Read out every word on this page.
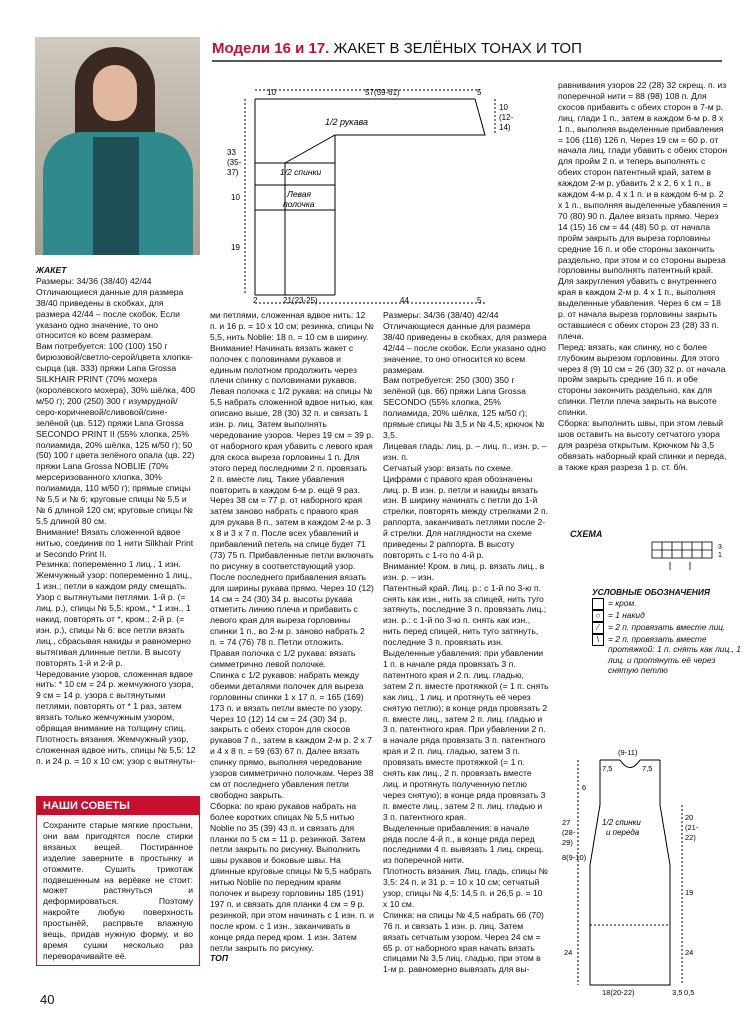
Модели 16 и 17. ЖАКЕТ В ЗЕЛЁНЫХ ТОНАХ И ТОП
10	57(59-61)	5
10
(12-
14)
1/2 рукава
1/2 спинки
33
(35-
37)
Левая
полочка
19
10
2	21(23-25)	44	5

ЖАКЕТ

Размеры: 34/36 (38/40) 42/44

Отличающиеся данные для размера 38/40 приведены в скобках, для размера 42/44 – после скобок. Если указано одно значение, то оно относится ко всем размерам.

Вам потребуется: 100 (100) 150 г бирюзовой/светло-серой/цвета хлопка-сырца (цв. 333) пряжи Lana Grossa SILKHAIR PRINT (70% мохера (королевского мохера), 30% шёлка, 400 м/50 г); 200 (250) 300 г изумрудной/серо-коричневой/сливовой/сине-зелёной (цв. 512) пряжи Lana Grossa SECONDO PRINT II (55% хлопка, 25% полиамида, 20% шёлка, 125 м/50 г); 50 (50) 100 г цвета зелёного опала (цв. 22) пряжи Lana Grossa NOBLIE (70% мерсеризованного хлопка, 30% полиамида, 110 м/50 г); прямые спицы № 5,5 и № 6; круговые спицы № 5,5 и № 6 длиной 120 см; круговые спицы № 5,5 длиной 80 см.

Внимание! Вязать сложенной вдвое нитью, соединив по 1 нити Silkhair Print и Secondo Print II.

Резинка: попеременно 1 лиц., 1 изн.

Жемчужный узор: попеременно 1 лиц., 1 изн.; петли в каждом ряду смещать.

Узор с вытянутыми петлями. 1-й р. (= лиц. р.), спицы № 5,5: кром., * 1 изн., 1 накид, повторять от *, кром.; 2-й р. (= изн. р.), спицы № 6: все петли вязать лиц., сбрасывая накиды и равномерно вытягивая длинные петли. В высоту повторять 1-й и 2-й р.

Чередование узоров, сложенная вдвое нить: * 10 см = 24 р. жемчужного узора, 9 см = 14 р. узора с вытянутыми петлями, повторять от * 1 раз, затем вязать только жемчужным узором, обращая внимание на толщину спиц.

Плотность вязания. Жемчужный узор, сложенная вдвое нить, спицы № 5,5: 12 п. и 24 р. = 10 х 10 см; узор с вытянуты-

НАШИ СОВЕТЫ
Сохраните старые мягкие простыни, они вам пригодятся после стирки вязаных вещей. Постиранное изделие заверните в простынку и отожмите. Сушить трикотаж подвешенным на верёвке не стоит: может растянуться и деформироваться. Поэтому накройте любую поверхность простынёй, распрвьте влажную вещь, придав нужную форму, и во время сушки несколько раз переворачивайте её.

ми петлями, сложенная вдвое нить: 12 п. и 16 р. = 10 х 10 см; резинка, спицы № 5,5, нить Noblie: 18 п. = 10 см в ширину.

Внимание! Начинать вязать жакет с полочек с половинами рукавов и единым полотном продолжить через плечи спинку с половинами рукавов.

Левая полочка с 1/2 рукава: на спицы № 5,5 набрать сложенной вдвое нитью, как описано выше, 28 (30) 32 п. и связать 1 изн. р. лиц. Затем выполнять чередование узоров. Через 19 см = 39 р. от наборного края убавить с левого края для скоса выреза горловины 1 п. Для этого перед последними 2 п. провязать 2 п. вместе лиц. Такие убавления повторить в каждом 6-м р. ещё 9 раз. Через 38 см = 77 р. от наборного края затем заново набрать с правого края для рукава 8 п., затем в каждом 2-м р. 3 х 8 и 3 х 7 п. После всех убавлений и прибавлений петель на спице будет 71 (73) 75 п. Прибавленные петли включать по рисунку в соответствующий узор. После последнего прибавления вязать для ширины рукава прямо. Через 10 (12) 14 см = 24 (30) 34 р. высоты рукава отметить линию плеча и прибавить с левого края для выреза горловины спинки 1 п., во 2-м р. заново набрать 2 п. = 74 (76) 78 п. Петли отложить.

Правая полочка с 1/2 рукава: вязать симметрично левой полочке.

Спинка с 1/2 рукавов: набрать между обеими деталями полочек для выреза горловины спинки 1 х 17 п. = 165 (169) 173 п. и вязать петли вместе по узору. Через 10 (12) 14 см = 24 (30) 34 р. закрыть с обеих сторон для скосов рукавов 7 п., затем в каждом 2-м р. 2 х 7 и 4 х 8 п. = 59 (63) 67 п. Далее вязать спинку прямо, выполняя чередование узоров симметрично полочкам. Через 38 см от последнего убавления петли свободно закрыть.

Сборка: по краю рукавов набрать на более коротких спицах № 5,5 нитью Noblie по 35 (39) 43 п. и связать для планки по 5 см = 11 р. резинкой. Затем петли закрыть по рисунку. Выполнить швы рукавов и боковые швы. На длинные круговые спицы № 5,5 набрать нитью Noblie по передним краям полочек и вырезу горловины 185 (191) 197 п. и связать для планки 4 см = 9 р. резинкой, при этом начинать с 1 изн. п. и после кром. с 1 изн., заканчивать в конце ряда перед кром. 1 изн. Затем петли закрыть по рисунку.

ТОП

Размеры: 34/36 (38/40) 42/44

Отличающиеся данные для размера 38/40 приведены в скобках, для размера 42/44 – после скобок. Если указано одно значение, то оно относится ко всем размерам.

Вам потребуется: 250 (300) 350 г зелёной (цв. 66) пряжи Lana Grossa SECONDO (55% хлопка, 25% полиамида, 20% шёлка, 125 м/50 г); прямые спицы № 3,5 и № 4,5; крючок № 3,5.

Лицевая гладь: лиц. р. – лиц. п., изн. р. – изн. п.

Сетчатый узор: вязать по схеме. Цифрами с правого края обозначены лиц. р. В изн. р. петли и накиды вязать изн. В ширину начинать с петли до 1-й стрелки, повторять между стрелками 2 п. раппорта, заканчивать петлями после 2-й стрелки. Для наглядности на схеме приведены 2 раппорта. В высоту повторять с 1-го по 4-й р.

Внимание! Кром. в лиц. р. вязать лиц., в изн. р. – изн.

Патентный край. Лиц. р.: с 1-й по 3-ю п. снять как изн., нить за спицей, нить туго затянуть, последние 3 п. провязать лиц.; изн. р.: с 1-й по 3-ю п. снять как изн., нить перед спицей, нить туго затянуть, последние 3 п. провязать изн.

Выделенные убавления: при убавлении 1 п. в начале ряда провязать 3 п. патентного края и 2 п. лиц. гладью, затем 2 п. вместе протяжкой (= 1 п. снять как лиц., 1 лиц. и протянуть её через снятую петлю); в конце ряда провязать 2 п. вместе лиц., затем 2 п. лиц. гладью и 3 п. патентного края. При убавлении 2 п. в начале ряда провязать 3 п. патентного края и 2 п. лиц. гладью, затем 3 п. провязать вместе протяжкой (= 1 п. снять как лиц., 2 п. провязать вместе лиц. и протянуть полученную петлю через снятую); в конце ряда провязать 3 п. вместе лиц., затем 2 п. лиц. гладью и 3 п. патентного края.

Выделенные прибавления: в начале ряда после 4-й п., в конце ряда перед последними 4 п. вывязать 1 лиц. скрещ. из поперечной нити.

Плотность вязания. Лиц. гладь, спицы № 3,5: 24 п. и 31 р. = 10 х 10 см; сетчатый узор, спицы № 4,5: 14,5 п. и 26,5 р. = 10 х 10 см.

Спинка: на спицы № 4,5 набрать 66 (70) 76 п. и связать 1 изн. р. лиц. Затем вязать сетчатым узором. Через 24 см = 65 р. от наборного края начать вязать спицами № 3,5 лиц. гладью, при этом в 1-м р. равномерно вывязать для вы-

равнивания узоров 22 (28) 32 скрещ. п. из поперечной нити = 88 (98) 108 п. Для скосов прибавить с обеих сторон в 7-м р. лиц. глади 1 п., затем в каждом 6-м р. 8 х 1 п., выполняя выделенные прибавления = 106 (116) 126 п. Через 19 см = 60 р. от начала лиц. глади убавить с обеих сторон для пройм 2 п. и теперь выполнять с обеих сторон патентный край, затем в каждом 2-м р. убавить 2 х 2, 6 х 1 п., в каждом 4-м р. 4 х 1 п. и в каждом 6-м р. 2 х 1 п., выполняя выделенные убавления = 70 (80) 90 п. Далее вязать прямо. Через 14 (15) 16 см = 44 (48) 50 р. от начала пройм закрыть для выреза горловины средние 16 п. и обе стороны закончить раздельно, при этом и со стороны выреза горловины выполнять патентный край. Для закругления убавить с внутреннего края в каждом 2-м р. 4 х 1 п., выполняя выделенные убавления. Через 6 см = 18 р. от начала выреза горловины закрыть оставшиеся с обеих сторон 23 (28) 33 п. плеча.

Перед: вязать, как спинку, но с более глубоким вырезом горловины. Для этого через 8 (9) 10 см = 26 (30) 32 р. от начала пройм закрыть средние 16 п. и обе стороны закончить раздельно, как для спинки. Петли плеча закрыть на высоте спинки.

Сборка: выполнить швы, при этом левый шов оставить на высоту сетчатого узора для разреза открытым. Крючком № 3,5 обвязать наборный край спинки и переда, а также края разреза 1 р. ст. б/н.

СХЕМА
3
1
УСЛОВНЫЕ ОБОЗНАЧЕНИЯ
= кром.
○ = 1 накид
⁄	= 2 п. провязать вместе лиц.
\	= 2 п. провязать вместе протяжкой: 1 п. снять как лиц., 1 лиц. и протянуть её через снятую петлю
(9-11)
7,5	7,5
20
(21-
22)
27
(28-
29)
6
8(9-10)
1/2 спинки
и переда
19
24	24
18(20-22)	3,5 0,5
40
